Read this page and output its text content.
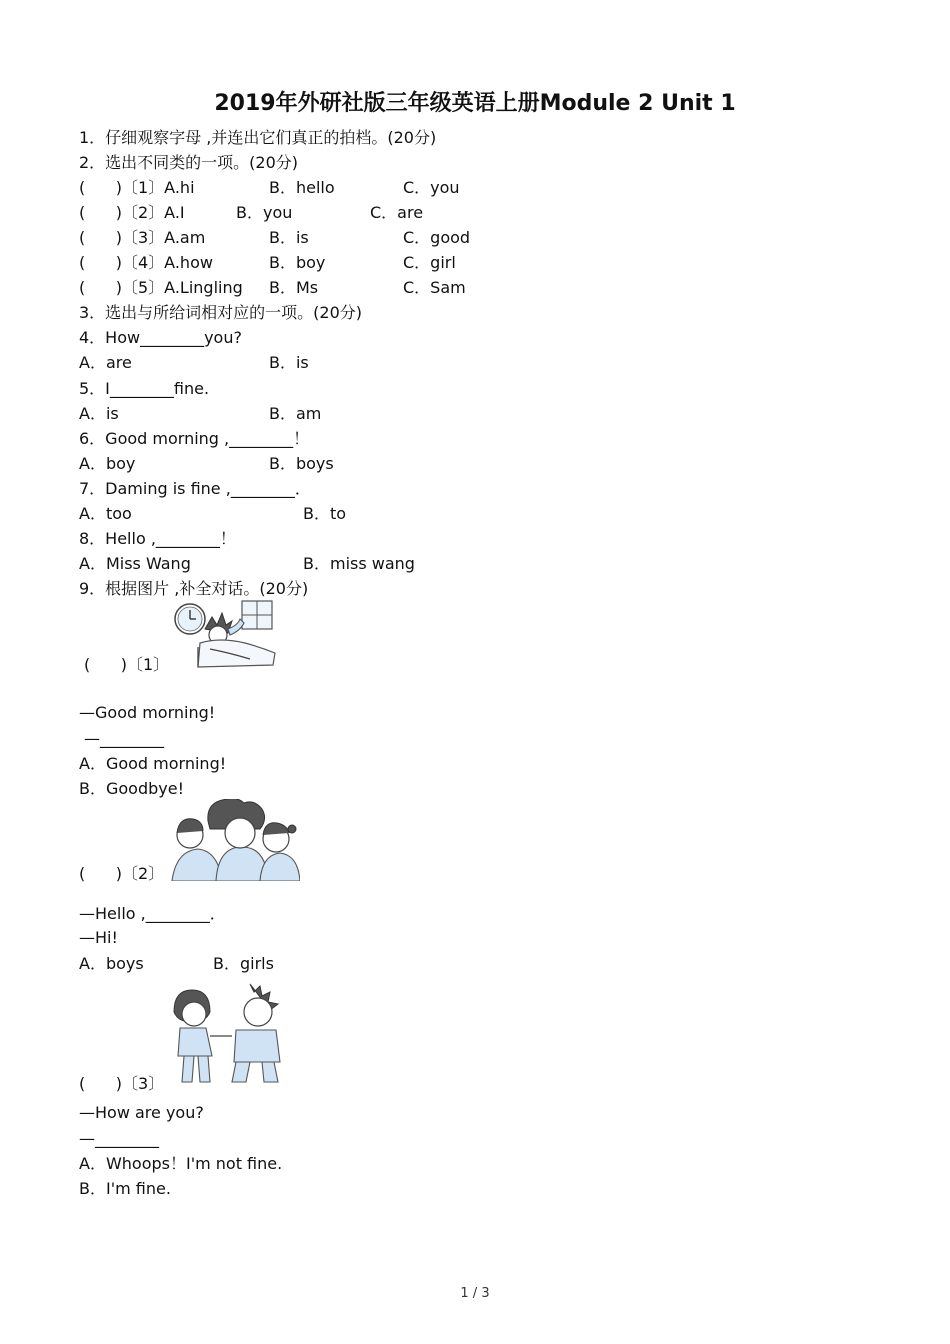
2019年外研社版三年级英语上册Module 2 Unit 1
1．仔细观察字母 ,并连出它们真正的拍档。(20分)
2．选出不同类的一项。(20分)
(      )〔1〕A.hi	B．hello	C．you
(      )〔2〕A.I	B．you	C．are
(      )〔3〕A.am	B．is	C．good
(      )〔4〕A.how	B．boy	C．girl
(      )〔5〕A.Lingling B．Ms	C．Sam
3．选出与所给词相对应的一项。(20分)
4．How________you?
A．are	B．is
5．I________fine.
A．is	B．am
6．Good morning ,________！
A．boy	B．boys
7．Daming is fine ,________．
A．too	B．to
8．Hello ,________！
A．Miss Wang	B．miss wang
9．根据图片 ,补全对话。(20分)
(      )〔1〕
—Good morning!
—________
A．Good morning!
B．Goodbye!
(      )〔2〕
—Hello ,________．
—Hi!
A．boys	B．girls
(      )〔3〕
—How are you?
—________
A．Whoops！I'm not fine.
B．I'm fine.
1 / 3
